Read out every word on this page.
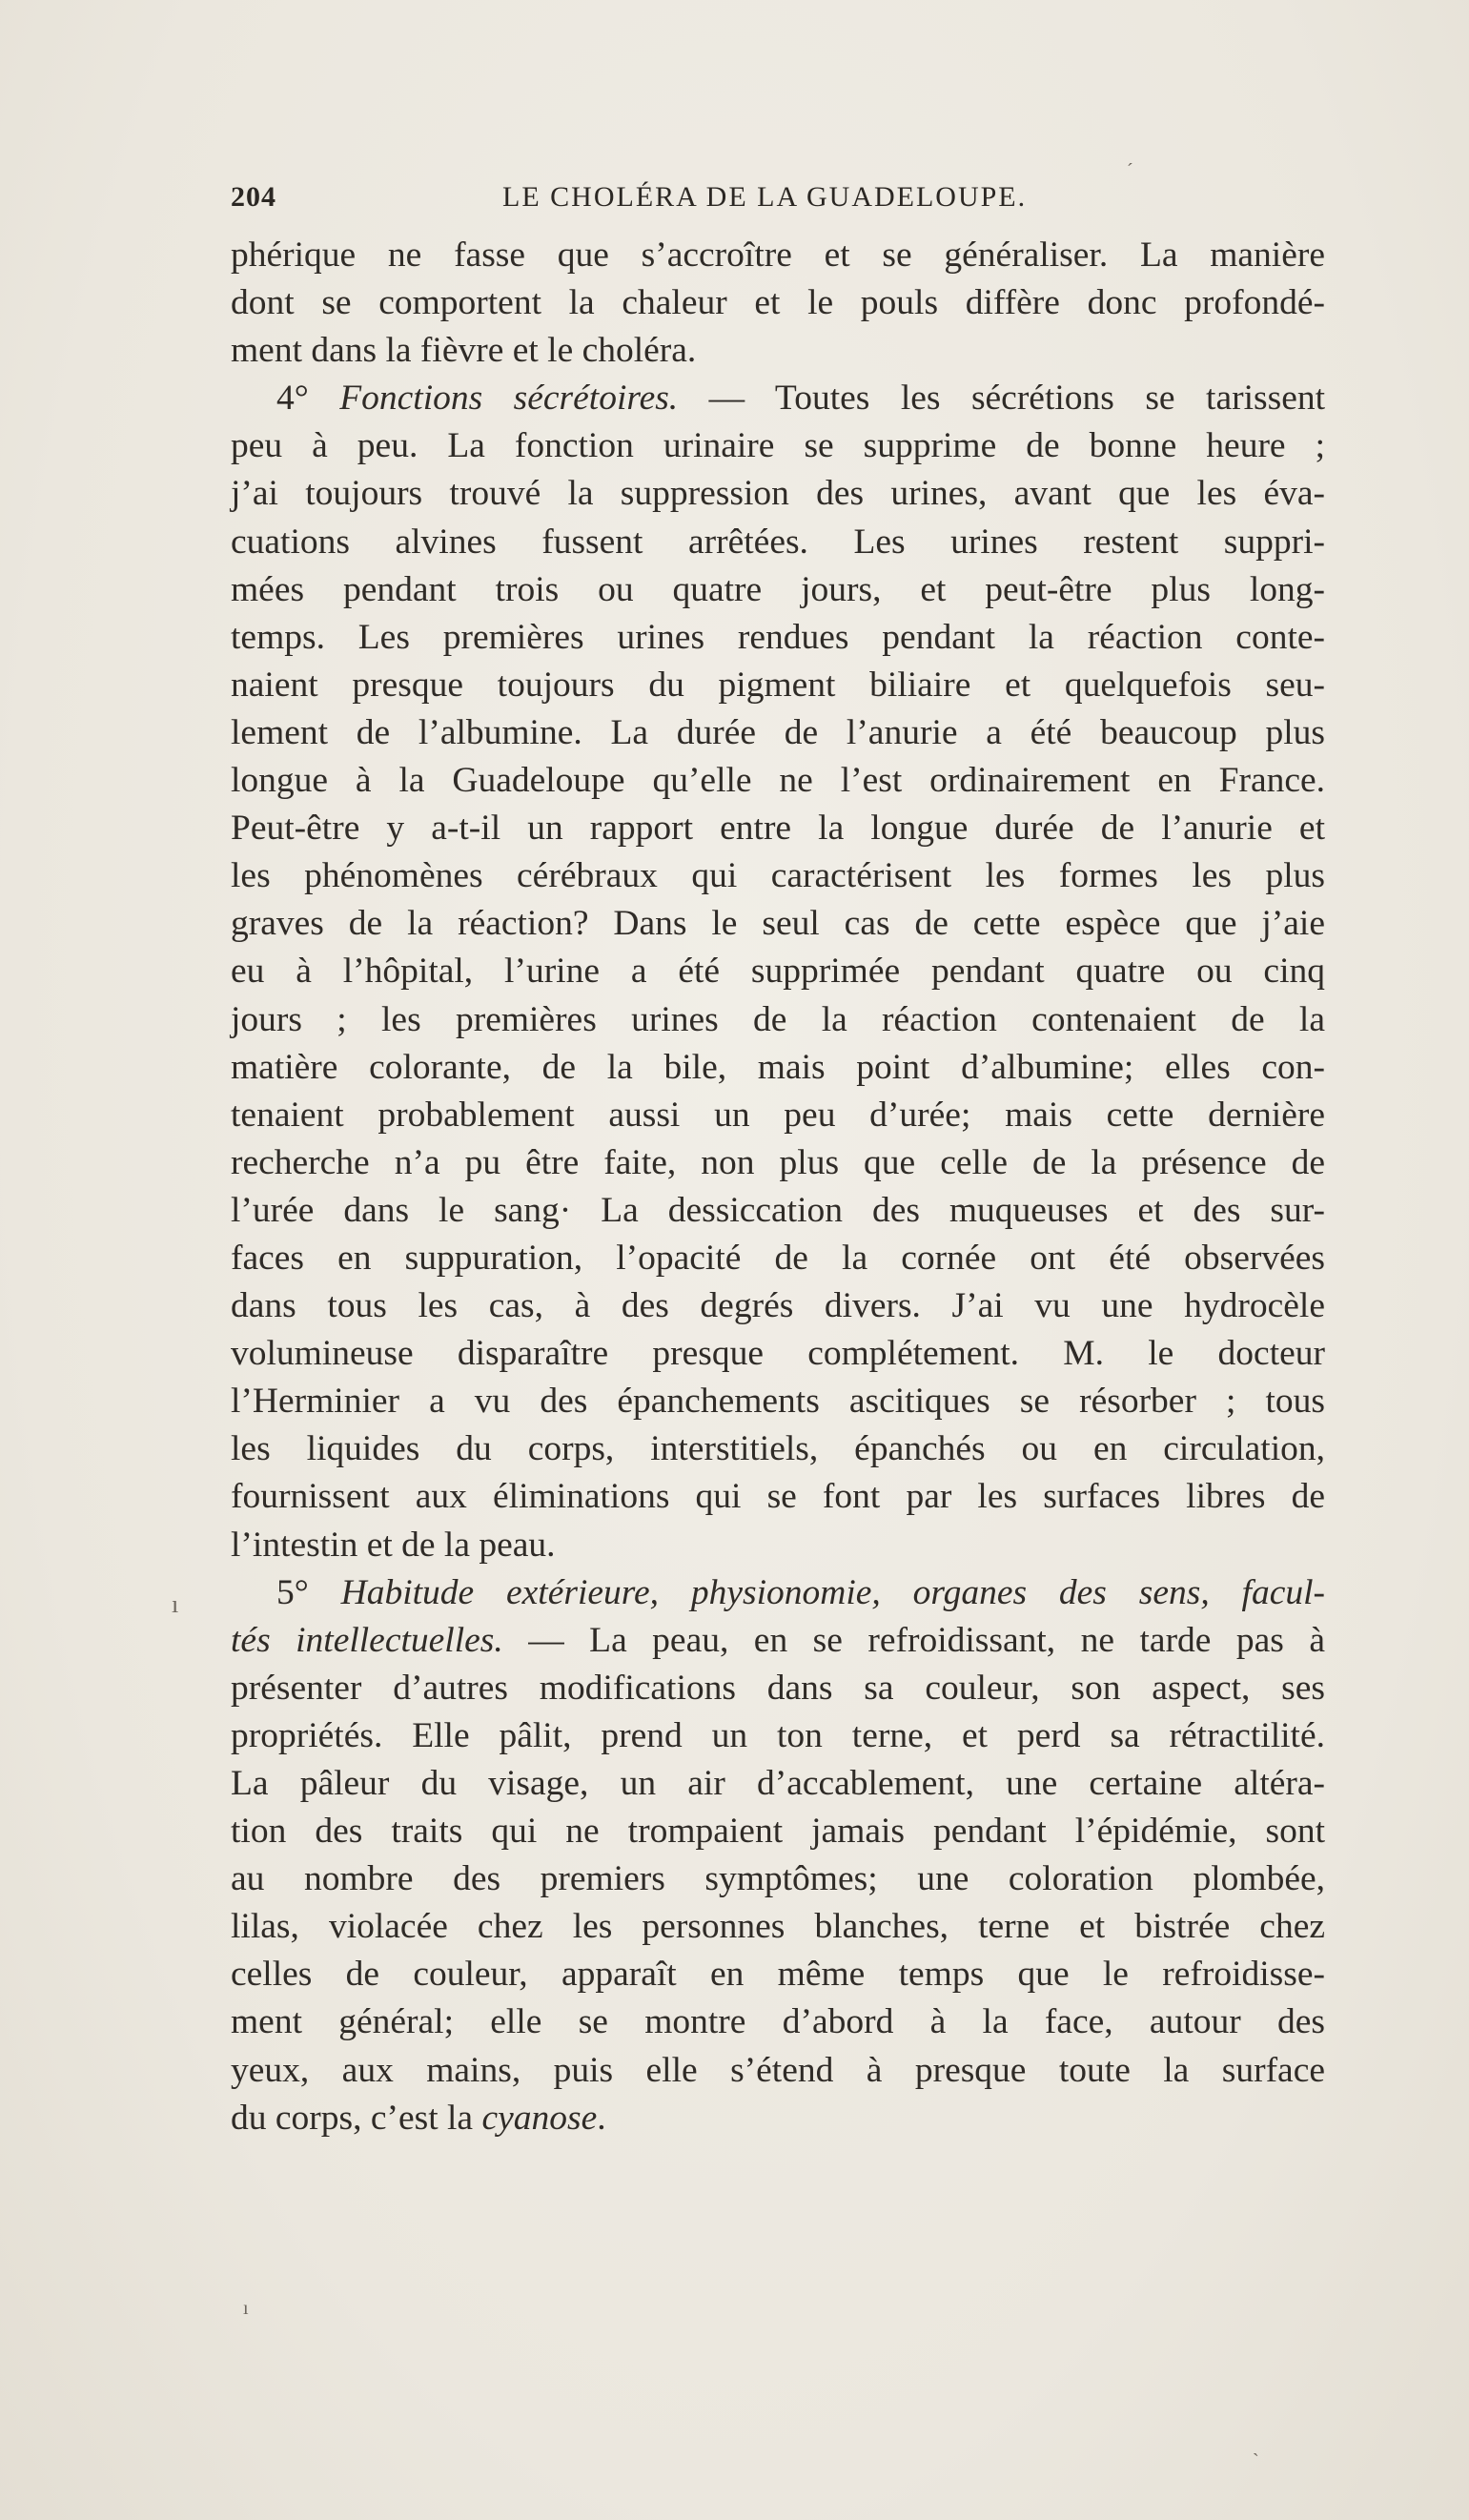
204	LE CHOLÉRA DE LA GUADELOUPE.
phérique ne fasse que s’accroître et se généraliser. La manière
dont se comportent la chaleur et le pouls diffère donc profondé-
ment dans la fièvre et le choléra.
4° Fonctions sécrétoires. — Toutes les sécrétions se tarissent
peu à peu. La fonction urinaire se supprime de bonne heure ;
j’ai toujours trouvé la suppression des urines, avant que les éva-
cuations alvines fussent arrêtées. Les urines restent suppri-
mées pendant trois ou quatre jours, et peut-être plus long-
temps. Les premières urines rendues pendant la réaction conte-
naient presque toujours du pigment biliaire et quelquefois seu-
lement de l’albumine. La durée de l’anurie a été beaucoup plus
longue à la Guadeloupe qu’elle ne l’est ordinairement en France.
Peut-être y a-t-il un rapport entre la longue durée de l’anurie et
les phénomènes cérébraux qui caractérisent les formes les plus
graves de la réaction? Dans le seul cas de cette espèce que j’aie
eu à l’hôpital, l’urine a été supprimée pendant quatre ou cinq
jours ; les premières urines de la réaction contenaient de la
matière colorante, de la bile, mais point d’albumine; elles con-
tenaient probablement aussi un peu d’urée; mais cette dernière
recherche n’a pu être faite, non plus que celle de la présence de
l’urée dans le sang· La dessiccation des muqueuses et des sur-
faces en suppuration, l’opacité de la cornée ont été observées
dans tous les cas, à des degrés divers. J’ai vu une hydrocèle
volumineuse disparaître presque complétement. M. le docteur
l’Herminier a vu des épanchements ascitiques se résorber ; tous
les liquides du corps, interstitiels, épanchés ou en circulation,
fournissent aux éliminations qui se font par les surfaces libres de
l’intestin et de la peau.
5° Habitude extérieure, physionomie, organes des sens, facul-
tés intellectuelles. — La peau, en se refroidissant, ne tarde pas à
présenter d’autres modifications dans sa couleur, son aspect, ses
propriétés. Elle pâlit, prend un ton terne, et perd sa rétractilité.
La pâleur du visage, un air d’accablement, une certaine altéra-
tion des traits qui ne trompaient jamais pendant l’épidémie, sont
au nombre des premiers symptômes; une coloration plombée,
lilas, violacée chez les personnes blanches, terne et bistrée chez
celles de couleur, apparaît en même temps que le refroidisse-
ment général; elle se montre d’abord à la face, autour des
yeux, aux mains, puis elle s’étend à presque toute la surface
du corps, c’est la cyanose.
ı
´
`
ı
